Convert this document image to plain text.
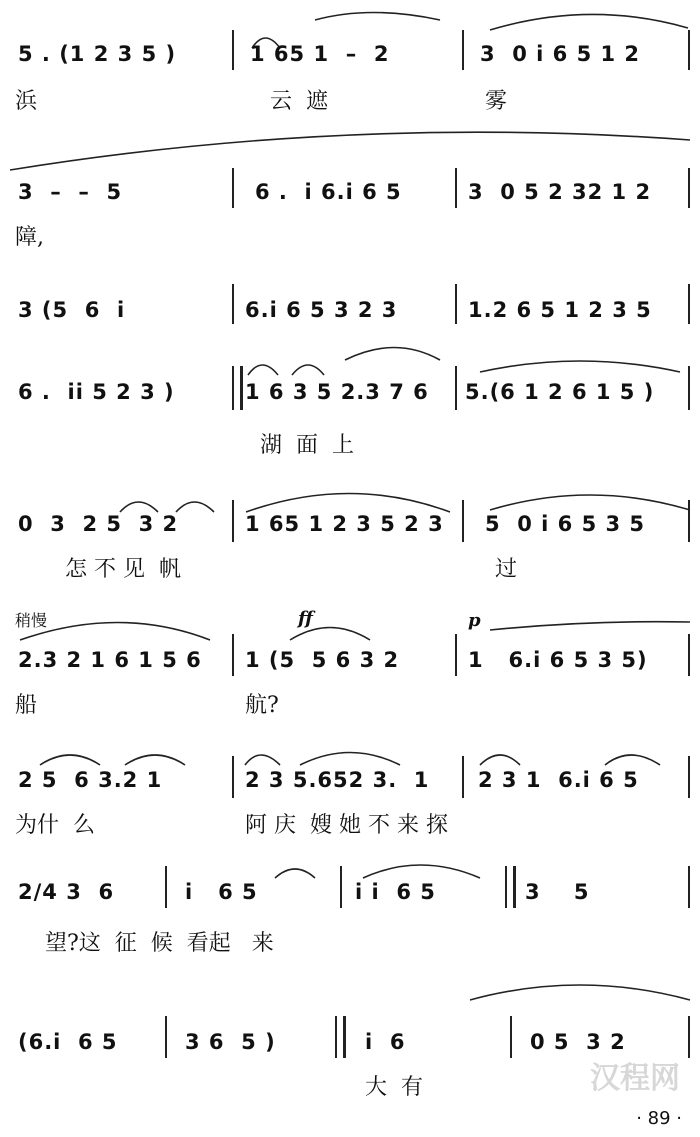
5 . (1 2 3 5 )	1 65 1  –  2	3  0 i 6 5 1 2
浜	云  遮	雾
3  –  –  5	6 .  i 6.i 6 5	3  0 5 2 32 1 2
障,
3 (5  6  i	6.i 6 5 3 2 3	1.2 6 5 1 2 3 5
6 .  ii 5 2 3 )	1 6 3 5 2.3 7 6 5.(6 1 2 6 1 5 )
湖  面  上
0  3  2 5  3 2	1 65 1 2 3 5 2 3 5  0 i 6 5 3 5
怎 不 见  帆	过
稍慢	ff	p
2.3 2 1 6 1 5 6 1 (5  5 6 3 2	1   6.i 6 5 3 5)
船	航?
2 5  6 3.2 1	2 3 5.652 3.  1 2 3 1  6.i 6 5
为什  么	阿 庆  嫂 她 不 来 探
2/4 3  6	i   6 5	i i  6 5	3    5
望?这  征  候  看起   来
(6.i  6 5	3 6  5 )	i  6	0 5  3 2
大  有	汉程网
· 89 ·
